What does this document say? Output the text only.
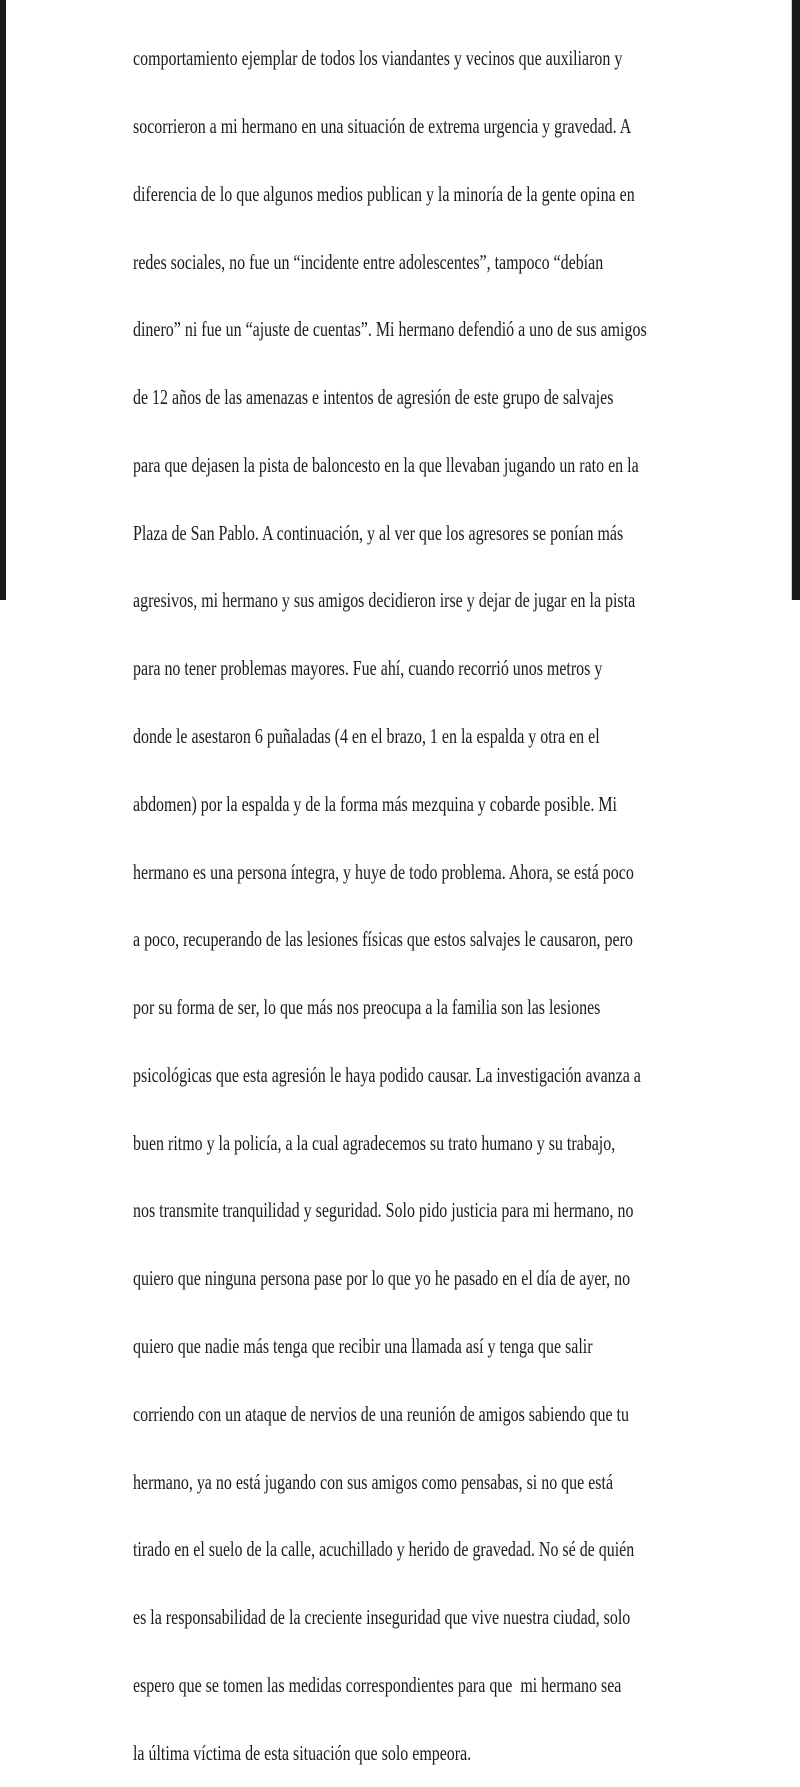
comportamiento ejemplar de todos los viandantes y vecinos que auxiliaron y

socorrieron a mi hermano en una situación de extrema urgencia y gravedad. A

diferencia de lo que algunos medios publican y la minoría de la gente opina en

redes sociales, no fue un “incidente entre adolescentes”, tampoco “debían

dinero” ni fue un “ajuste de cuentas”. Mi hermano defendió a uno de sus amigos

de 12 años de las amenazas e intentos de agresión de este grupo de salvajes

para que dejasen la pista de baloncesto en la que llevaban jugando un rato en la

Plaza de San Pablo. A continuación, y al ver que los agresores se ponían más

agresivos, mi hermano y sus amigos decidieron irse y dejar de jugar en la pista

para no tener problemas mayores. Fue ahí, cuando recorrió unos metros y

donde le asestaron 6 puñaladas (4 en el brazo, 1 en la espalda y otra en el

abdomen) por la espalda y de la forma más mezquina y cobarde posible. Mi

hermano es una persona íntegra, y huye de todo problema. Ahora, se está poco

a poco, recuperando de las lesiones físicas que estos salvajes le causaron, pero

por su forma de ser, lo que más nos preocupa a la familia son las lesiones

psicológicas que esta agresión le haya podido causar. La investigación avanza a

buen ritmo y la policía, a la cual agradecemos su trato humano y su trabajo,

nos transmite tranquilidad y seguridad. Solo pido justicia para mi hermano, no

quiero que ninguna persona pase por lo que yo he pasado en el día de ayer, no

quiero que nadie más tenga que recibir una llamada así y tenga que salir

corriendo con un ataque de nervios de una reunión de amigos sabiendo que tu

hermano, ya no está jugando con sus amigos como pensabas, si no que está

tirado en el suelo de la calle, acuchillado y herido de gravedad. No sé de quién

es la responsabilidad de la creciente inseguridad que vive nuestra ciudad, solo

espero que se tomen las medidas correspondientes para que  mi hermano sea

la última víctima de esta situación que solo empeora.
